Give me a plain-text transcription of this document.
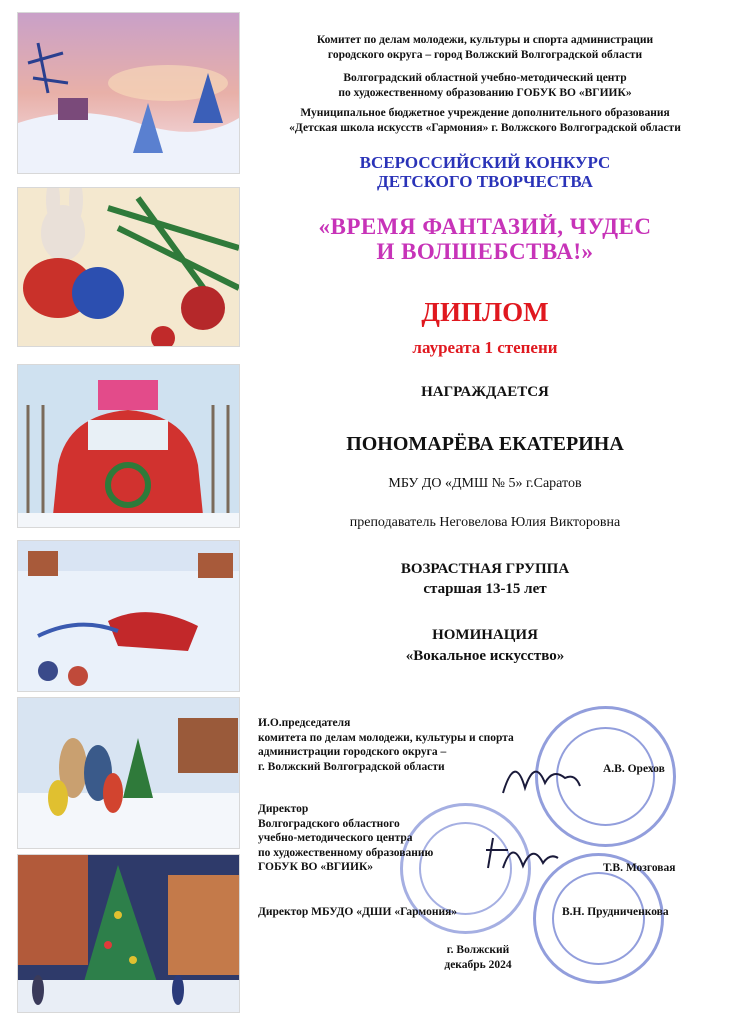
Комитет по делам молодежи, культуры и спорта администрации
городского округа – город Волжский Волгоградской области
Волгоградский областной учебно-методический центр
по художественному образованию ГОБУК ВО «ВГИИК»
Муниципальное бюджетное учреждение дополнительного образования
«Детская школа искусств «Гармония» г. Волжского Волгоградской области
ВСЕРОССИЙСКИЙ КОНКУРС
ДЕТСКОГО ТВОРЧЕСТВА
«ВРЕМЯ ФАНТАЗИЙ, ЧУДЕС
И ВОЛШЕБСТВА!»
ДИПЛОМ
лауреата 1 степени
НАГРАЖДАЕТСЯ
ПОНОМАРЁВА ЕКАТЕРИНА
МБУ ДО «ДМШ № 5» г.Саратов
преподаватель Неговелова Юлия Викторовна
ВОЗРАСТНАЯ ГРУППА
старшая 13-15 лет
НОМИНАЦИЯ
«Вокальное искусство»
И.О.председателя
комитета по делам молодежи, культуры и спорта
администрации городского округа –
г. Волжский Волгоградской области	А.В. Орехов
Директор
Волгоградского областного
учебно-методического центра
по художественному образованию
ГОБУК ВО «ВГИИК»	Т.В. Мозговая
Директор МБУДО «ДШИ «Гармония»	В.Н. Прудниченкова
г. Волжский
декабрь 2024
